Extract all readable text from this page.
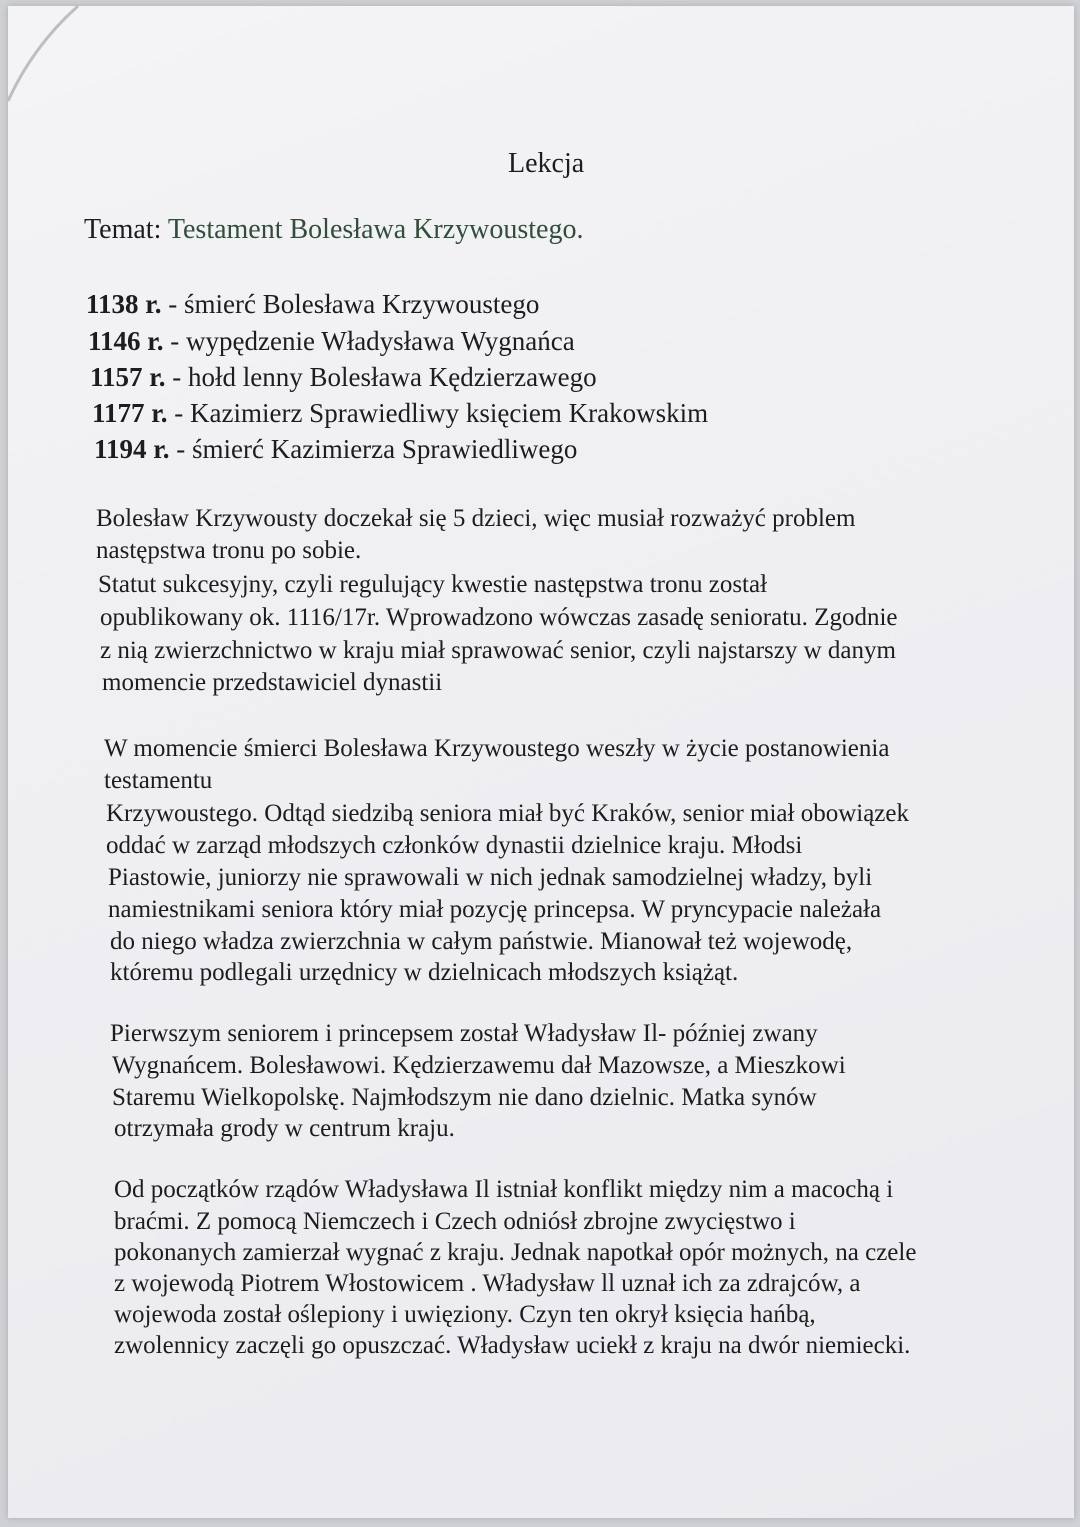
Lekcja
Temat: Testament Bolesława Krzywoustego.
1138 r. - śmierć Bolesława Krzywoustego
1146 r. - wypędzenie Władysława Wygnańca
1157 r. - hołd lenny Bolesława Kędzierzawego
1177 r. - Kazimierz Sprawiedliwy księciem Krakowskim
1194 r. - śmierć Kazimierza Sprawiedliwego
Bolesław Krzywousty doczekał się 5 dzieci, więc musiał rozważyć problem
następstwa tronu po sobie.
Statut sukcesyjny, czyli regulujący kwestie następstwa tronu został
opublikowany ok. 1116/17r. Wprowadzono wówczas zasadę senioratu. Zgodnie
z nią zwierzchnictwo w kraju miał sprawować senior, czyli najstarszy w danym
momencie przedstawiciel dynastii
W momencie śmierci Bolesława Krzywoustego weszły w życie postanowienia
testamentu
Krzywoustego. Odtąd siedzibą seniora miał być Kraków, senior miał obowiązek
oddać w zarząd młodszych członków dynastii dzielnice kraju. Młodsi
Piastowie, juniorzy nie sprawowali w nich jednak samodzielnej władzy, byli
namiestnikami seniora który miał pozycję princepsa. W pryncypacie należała
do niego władza zwierzchnia w całym państwie. Mianował też wojewodę,
któremu podlegali urzędnicy w dzielnicach młodszych książąt.
Pierwszym seniorem i princepsem został Władysław Il- później zwany
Wygnańcem. Bolesławowi. Kędzierzawemu dał Mazowsze, a Mieszkowi
Staremu Wielkopolskę. Najmłodszym nie dano dzielnic. Matka synów
otrzymała grody w centrum kraju.
Od początków rządów Władysława Il istniał konflikt między nim a macochą i
braćmi. Z pomocą Niemczech i Czech odniósł zbrojne zwycięstwo i
pokonanych zamierzał wygnać z kraju. Jednak napotkał opór możnych, na czele
z wojewodą Piotrem Włostowicem . Władysław ll uznał ich za zdrajców, a
wojewoda został oślepiony i uwięziony. Czyn ten okrył księcia hańbą,
zwolennicy zaczęli go opuszczać. Władysław uciekł z kraju na dwór niemiecki.
